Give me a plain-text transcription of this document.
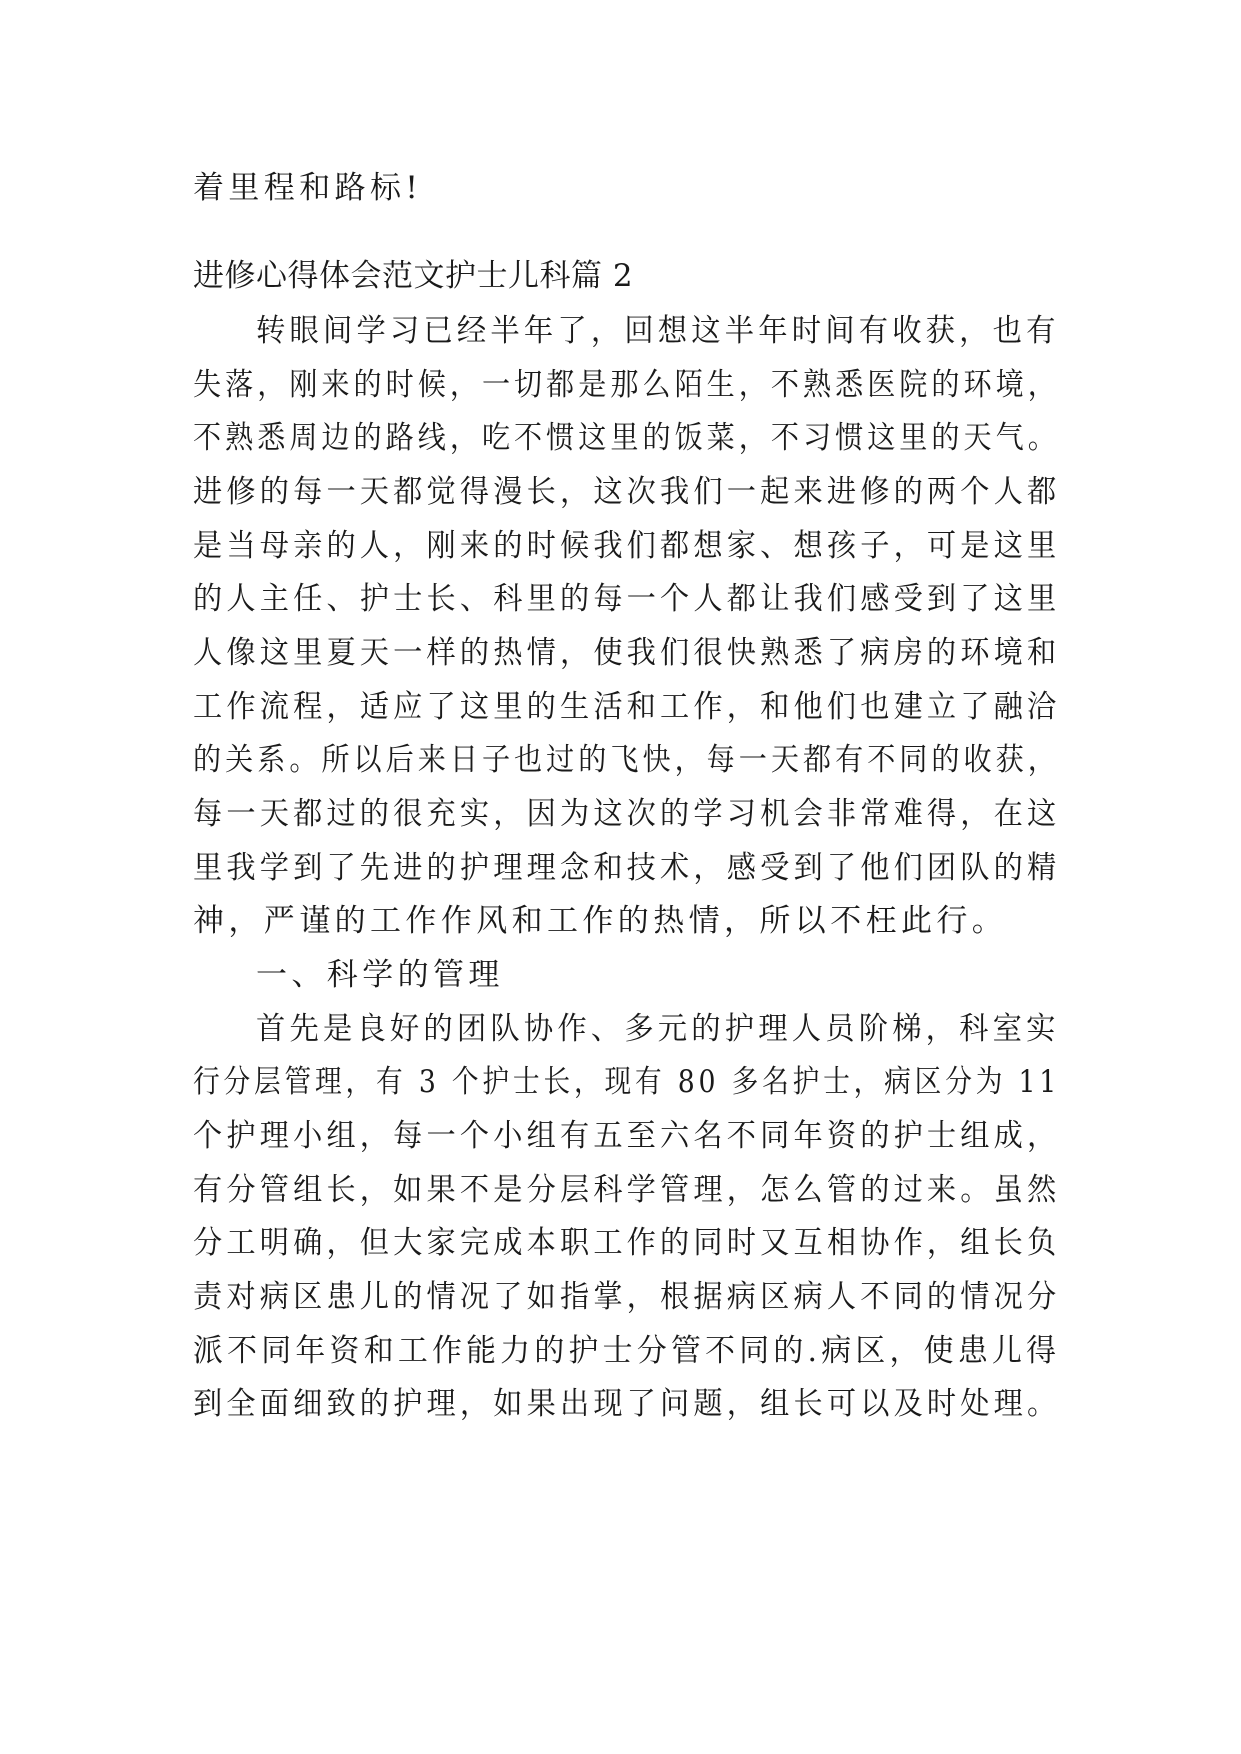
着里程和路标!
进修心得体会范文护士儿科篇 2
转眼间学习已经半年了，回想这半年时间有收获，也有
失落，刚来的时候，一切都是那么陌生，不熟悉医院的环境，
不熟悉周边的路线，吃不惯这里的饭菜，不习惯这里的天气。
进修的每一天都觉得漫长，这次我们一起来进修的两个人都
是当母亲的人，刚来的时候我们都想家、想孩子，可是这里
的人主任、护士长、科里的每一个人都让我们感受到了这里
人像这里夏天一样的热情，使我们很快熟悉了病房的环境和
工作流程，适应了这里的生活和工作，和他们也建立了融洽
的关系。所以后来日子也过的飞快，每一天都有不同的收获，
每一天都过的很充实，因为这次的学习机会非常难得，在这
里我学到了先进的护理理念和技术，感受到了他们团队的精
神，严谨的工作作风和工作的热情，所以不枉此行。
一、科学的管理
首先是良好的团队协作、多元的护理人员阶梯，科室实
行分层管理，有 3 个护士长，现有 80 多名护士，病区分为 11
个护理小组，每一个小组有五至六名不同年资的护士组成，
有分管组长，如果不是分层科学管理，怎么管的过来。虽然
分工明确，但大家完成本职工作的同时又互相协作，组长负
责对病区患儿的情况了如指掌，根据病区病人不同的情况分
派不同年资和工作能力的护士分管不同的.病区，使患儿得
到全面细致的护理，如果出现了问题，组长可以及时处理。
